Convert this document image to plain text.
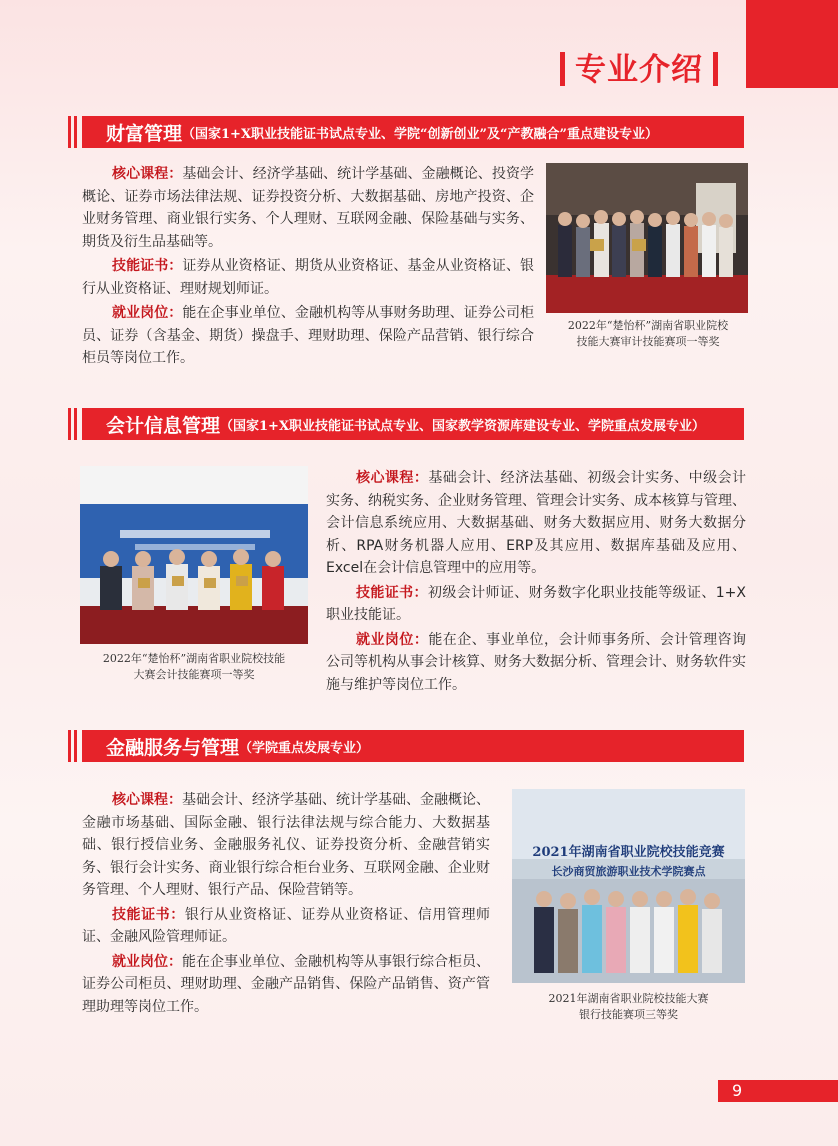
专业介绍
财富管理 （国家1+X职业技能证书试点专业、学院“创新创业”及“产教融合”重点建设专业）

核心课程：基础会计、经济学基础、统计学基础、金融概论、投资学概论、证券市场法律法规、证券投资分析、大数据基础、房地产投资、企业财务管理、商业银行实务、个人理财、互联网金融、保险基础与实务、期货及衍生品基础等。

技能证书：证券从业资格证、期货从业资格证、基金从业资格证、银行从业资格证、理财规划师证。

就业岗位：能在企事业单位、金融机构等从事财务助理、证券公司柜员、证券（含基金、期货）操盘手、理财助理、保险产品营销、银行综合柜员等岗位工作。

2022年“楚怡杯”湖南省职业院校
技能大赛审计技能赛项一等奖
会计信息管理 （国家1+X职业技能证书试点专业、国家教学资源库建设专业、学院重点发展专业）
2022年“楚怡杯”湖南省职业院校技能
大赛会计技能赛项一等奖

核心课程：基础会计、经济法基础、初级会计实务、中级会计实务、纳税实务、企业财务管理、管理会计实务、成本核算与管理、会计信息系统应用、大数据基础、财务大数据应用、财务大数据分析、RPA财务机器人应用、ERP及其应用、数据库基础及应用、Excel在会计信息管理中的应用等。

技能证书：初级会计师证、财务数字化职业技能等级证、1+X职业技能证。

就业岗位：能在企、事业单位，会计师事务所、会计管理咨询公司等机构从事会计核算、财务大数据分析、管理会计、财务软件实施与维护等岗位工作。

金融服务与管理 （学院重点发展专业）

核心课程：基础会计、经济学基础、统计学基础、金融概论、金融市场基础、国际金融、银行法律法规与综合能力、大数据基础、银行授信业务、金融服务礼仪、证券投资分析、金融营销实务、银行会计实务、商业银行综合柜台业务、互联网金融、企业财务管理、个人理财、银行产品、保险营销等。

技能证书：银行从业资格证、证券从业资格证、信用管理师证、金融风险管理师证。

就业岗位：能在企事业单位、金融机构等从事银行综合柜员、证券公司柜员、理财助理、金融产品销售、保险产品销售、资产管理助理等岗位工作。

2021年湖南省职业院校技能竞赛
长沙商贸旅游职业技术学院赛点
2021年湖南省职业院校技能大赛
银行技能赛项三等奖
9
